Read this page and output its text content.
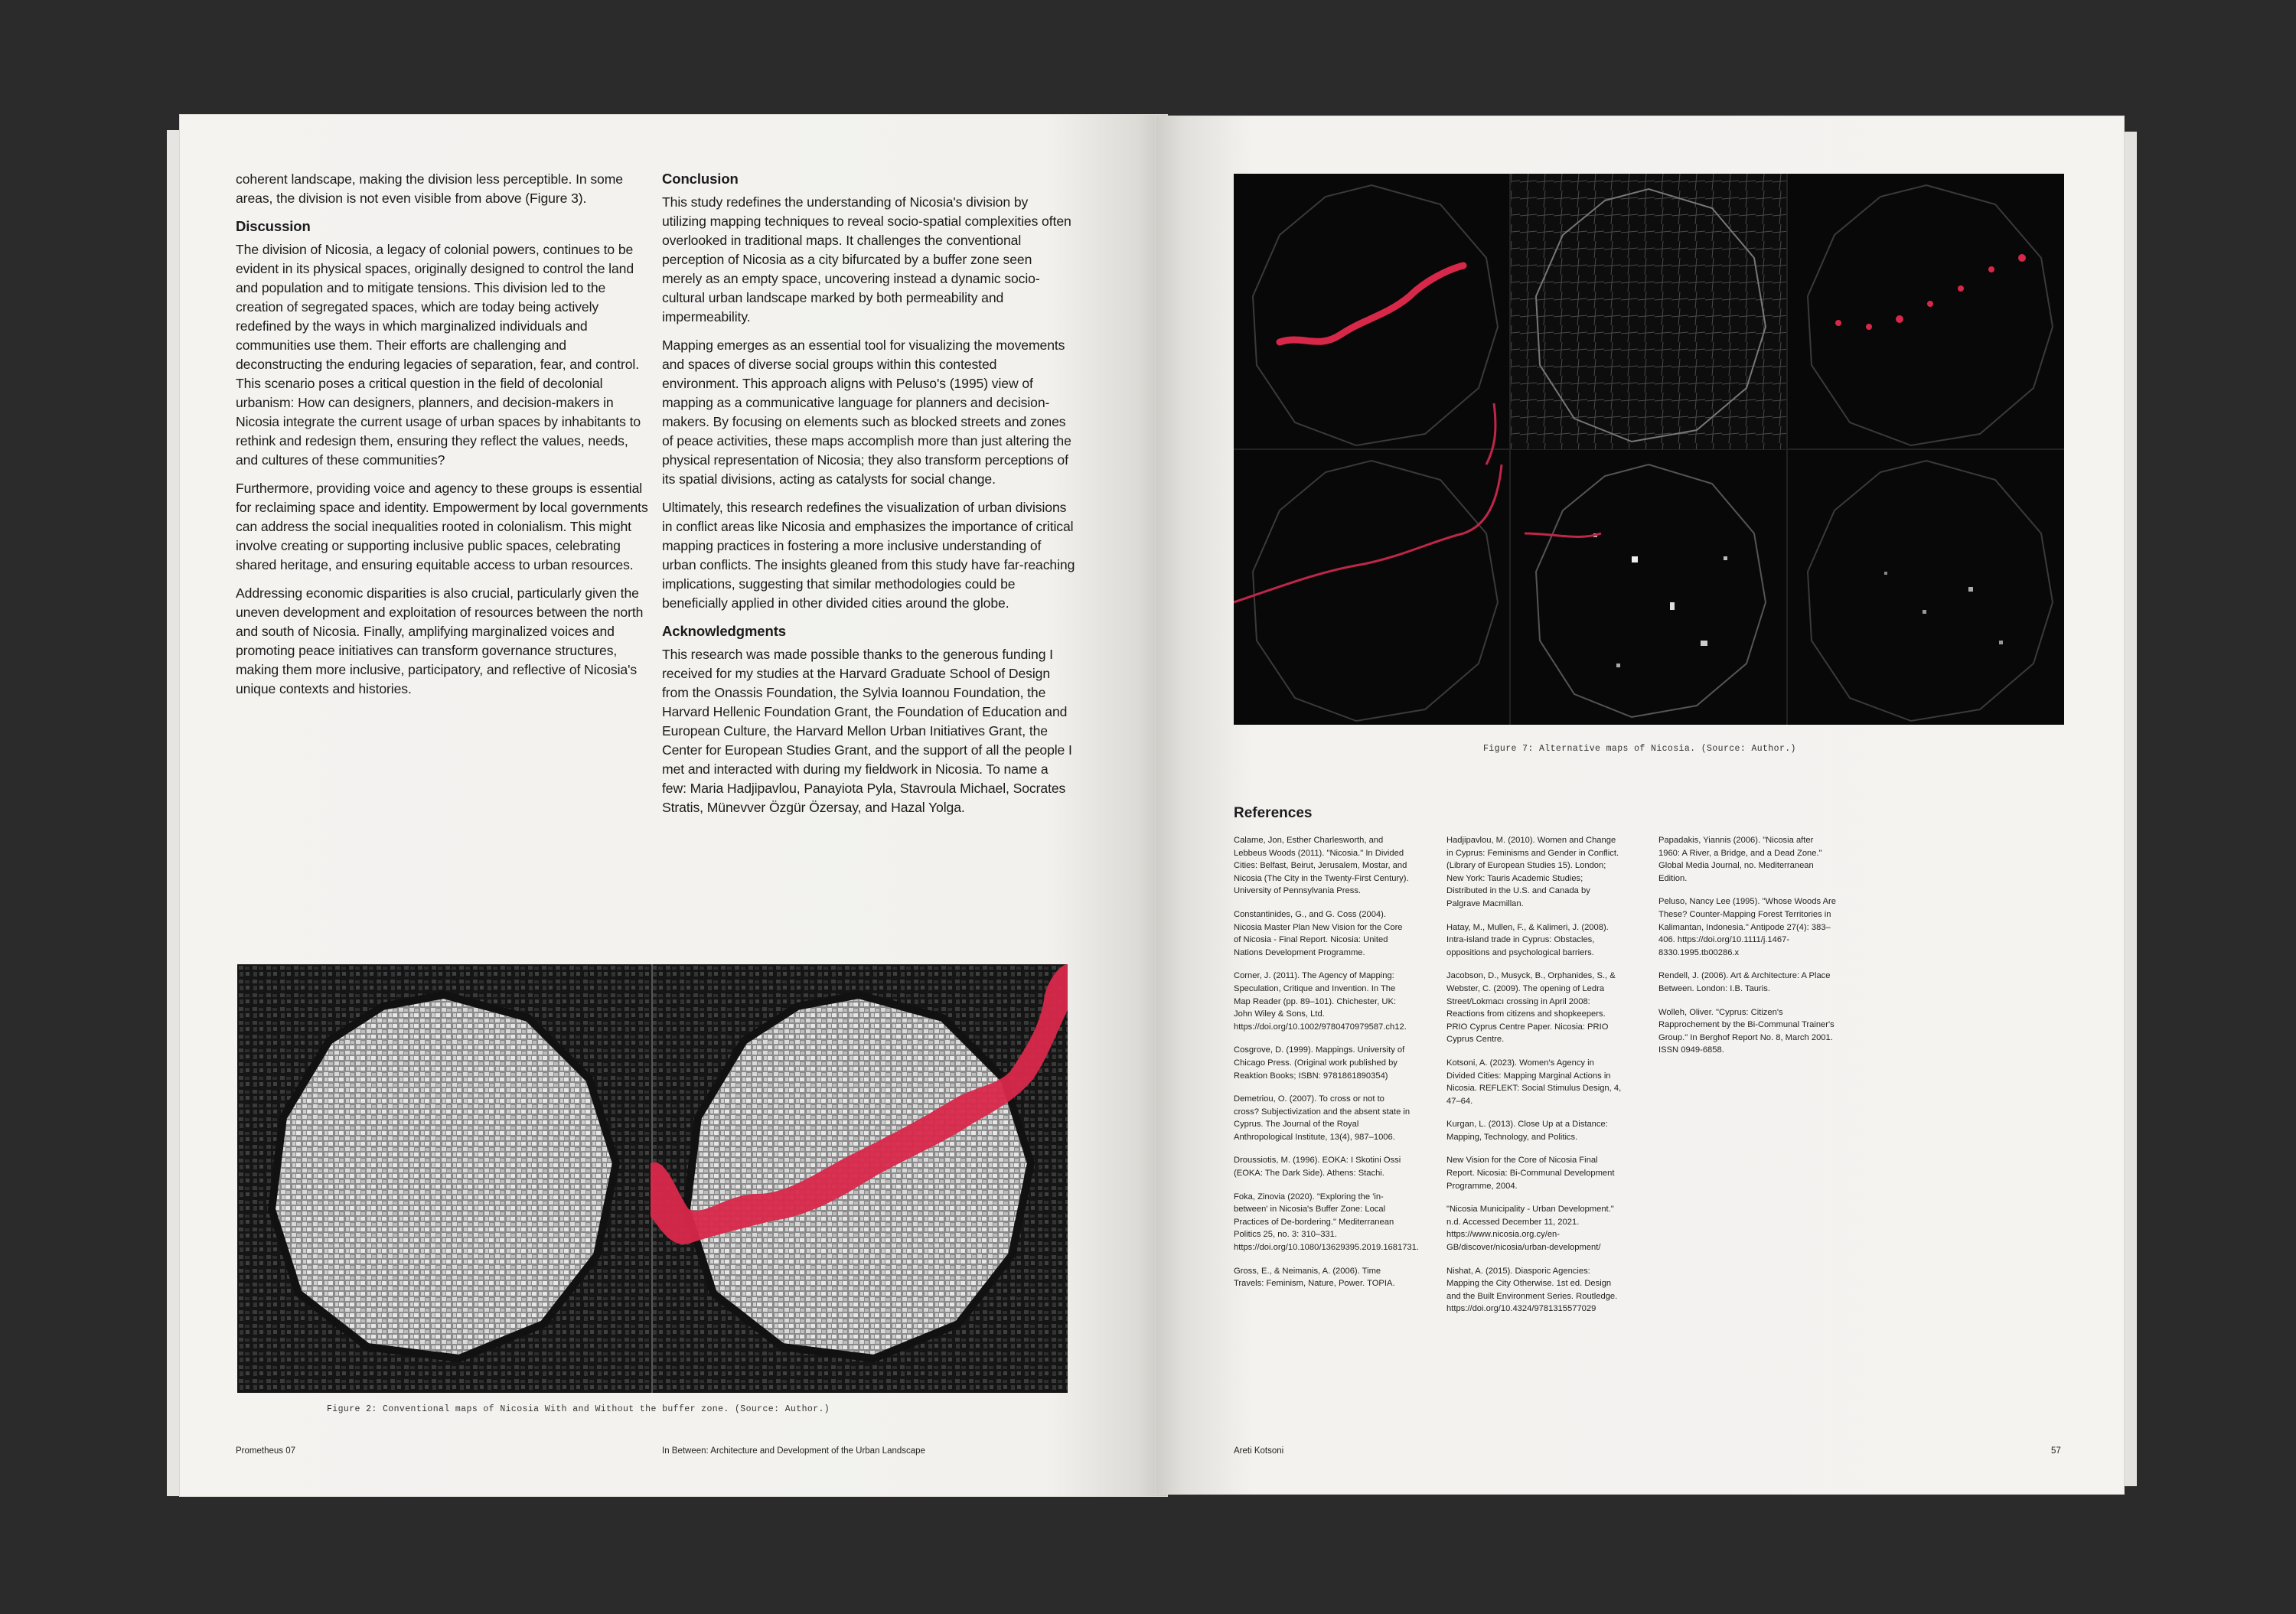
coherent landscape, making the division less perceptible. In some areas, the division is not even visible from above (Figure 3).

Discussion

The division of Nicosia, a legacy of colonial powers, continues to be evident in its physical spaces, originally designed to control the land and population and to mitigate tensions. This division led to the creation of segregated spaces, which are today being actively redefined by the ways in which marginalized individuals and communities use them. Their efforts are challenging and deconstructing the enduring legacies of separation, fear, and control. This scenario poses a critical question in the field of decolonial urbanism: How can designers, planners, and decision-makers in Nicosia integrate the current usage of urban spaces by inhabitants to rethink and redesign them, ensuring they reflect the values, needs, and cultures of these communities?

Furthermore, providing voice and agency to these groups is essential for reclaiming space and identity. Empowerment by local governments can address the social inequalities rooted in colonialism. This might involve creating or supporting inclusive public spaces, celebrating shared heritage, and ensuring equitable access to urban resources.

Addressing economic disparities is also crucial, particularly given the uneven development and exploitation of resources between the north and south of Nicosia. Finally, amplifying marginalized voices and promoting peace initiatives can transform governance structures, making them more inclusive, participatory, and reflective of Nicosia's unique contexts and histories.

Conclusion

This study redefines the understanding of Nicosia's division by utilizing mapping techniques to reveal socio-spatial complexities often overlooked in traditional maps. It challenges the conventional perception of Nicosia as a city bifurcated by a buffer zone seen merely as an empty space, uncovering instead a dynamic socio-cultural urban landscape marked by both permeability and impermeability.

Mapping emerges as an essential tool for visualizing the movements and spaces of diverse social groups within this contested environment. This approach aligns with Peluso's (1995) view of mapping as a communicative language for planners and decision-makers. By focusing on elements such as blocked streets and zones of peace activities, these maps accomplish more than just altering the physical representation of Nicosia; they also transform perceptions of its spatial divisions, acting as catalysts for social change.

Ultimately, this research redefines the visualization of urban divisions in conflict areas like Nicosia and emphasizes the importance of critical mapping practices in fostering a more inclusive understanding of urban conflicts. The insights gleaned from this study have far-reaching implications, suggesting that similar methodologies could be beneficially applied in other divided cities around the globe.

Acknowledgments

This research was made possible thanks to the generous funding I received for my studies at the Harvard Graduate School of Design from the Onassis Foundation, the Sylvia Ioannou Foundation, the Harvard Hellenic Foundation Grant, the Foundation of Education and European Culture, the Harvard Mellon Urban Initiatives Grant, the Center for European Studies Grant, and the support of all the people I met and interacted with during my fieldwork in Nicosia. To name a few: Maria Hadjipavlou, Panayiota Pyla, Stavroula Michael, Socrates Stratis, Münevver Özgür Özersay, and Hazal Yolga.

Figure 2: Conventional maps of Nicosia With and Without the buffer zone. (Source: Author.)
Prometheus 07	In Between: Architecture and Development of the Urban Landscape
Figure 7: Alternative maps of Nicosia. (Source: Author.)
References

Calame, Jon, Esther Charlesworth, and Lebbeus Woods (2011). "Nicosia." In Divided Cities: Belfast, Beirut, Jerusalem, Mostar, and Nicosia (The City in the Twenty-First Century). University of Pennsylvania Press.

Constantinides, G., and G. Coss (2004). Nicosia Master Plan New Vision for the Core of Nicosia - Final Report. Nicosia: United Nations Development Programme.

Corner, J. (2011). The Agency of Mapping: Speculation, Critique and Invention. In The Map Reader (pp. 89–101). Chichester, UK: John Wiley & Sons, Ltd. https://doi.org/10.1002/9780470979587.ch12.

Cosgrove, D. (1999). Mappings. University of Chicago Press. (Original work published by Reaktion Books; ISBN: 9781861890354)

Demetriou, O. (2007). To cross or not to cross? Subjectivization and the absent state in Cyprus. The Journal of the Royal Anthropological Institute, 13(4), 987–1006.

Droussiotis, M. (1996). EOKA: I Skotini Ossi (EOKA: The Dark Side). Athens: Stachi.

Foka, Zinovia (2020). "Exploring the 'in-between' in Nicosia's Buffer Zone: Local Practices of De-bordering." Mediterranean Politics 25, no. 3: 310–331. https://doi.org/10.1080/13629395.2019.1681731.

Gross, E., & Neimanis, A. (2006). Time Travels: Feminism, Nature, Power. TOPIA.

Hadjipavlou, M. (2010). Women and Change in Cyprus: Feminisms and Gender in Conflict. (Library of European Studies 15). London; New York: Tauris Academic Studies; Distributed in the U.S. and Canada by Palgrave Macmillan.

Hatay, M., Mullen, F., & Kalimeri, J. (2008). Intra-island trade in Cyprus: Obstacles, oppositions and psychological barriers.

Jacobson, D., Musyck, B., Orphanides, S., & Webster, C. (2009). The opening of Ledra Street/Lokmacı crossing in April 2008: Reactions from citizens and shopkeepers. PRIO Cyprus Centre Paper. Nicosia: PRIO Cyprus Centre.

Kotsoni, A. (2023). Women's Agency in Divided Cities: Mapping Marginal Actions in Nicosia. REFLEKT: Social Stimulus Design, 4, 47–64.

Kurgan, L. (2013). Close Up at a Distance: Mapping, Technology, and Politics.

New Vision for the Core of Nicosia Final Report. Nicosia: Bi-Communal Development Programme, 2004.

"Nicosia Municipality - Urban Development." n.d. Accessed December 11, 2021. https://www.nicosia.org.cy/en-GB/discover/nicosia/urban-development/

Nishat, A. (2015). Diasporic Agencies: Mapping the City Otherwise. 1st ed. Design and the Built Environment Series. Routledge. https://doi.org/10.4324/9781315577029

Papadakis, Yiannis (2006). "Nicosia after 1960: A River, a Bridge, and a Dead Zone." Global Media Journal, no. Mediterranean Edition.

Peluso, Nancy Lee (1995). "Whose Woods Are These? Counter-Mapping Forest Territories in Kalimantan, Indonesia." Antipode 27(4): 383–406. https://doi.org/10.1111/j.1467-8330.1995.tb00286.x

Rendell, J. (2006). Art & Architecture: A Place Between. London: I.B. Tauris.

Wolleh, Oliver. "Cyprus: Citizen's Rapprochement by the Bi-Communal Trainer's Group." In Berghof Report No. 8, March 2001. ISSN 0949-6858.

Areti Kotsoni	57
